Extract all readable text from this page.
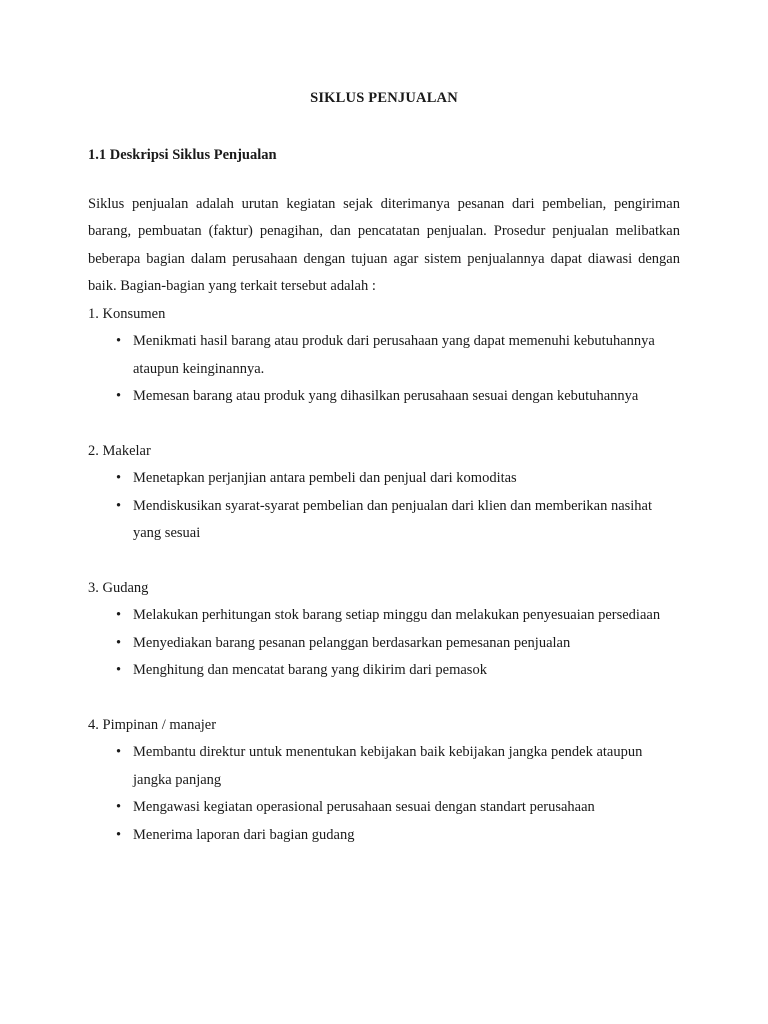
SIKLUS PENJUALAN
1.1 Deskripsi Siklus Penjualan

Siklus penjualan adalah urutan kegiatan sejak diterimanya pesanan dari pembelian, pengiriman barang, pembuatan (faktur) penagihan, dan pencatatan penjualan. Prosedur penjualan melibatkan beberapa bagian dalam perusahaan dengan tujuan agar sistem penjualannya dapat diawasi dengan baik. Bagian-bagian yang terkait tersebut adalah :

1. Konsumen
• Menikmati hasil barang atau produk dari perusahaan yang dapat memenuhi kebutuhannya ataupun keinginannya.
• Memesan barang atau produk yang dihasilkan perusahaan sesuai dengan kebutuhannya
2. Makelar
• Menetapkan perjanjian antara pembeli dan penjual dari komoditas
• Mendiskusikan syarat-syarat pembelian dan penjualan dari klien dan memberikan nasihat yang sesuai
3. Gudang
• Melakukan perhitungan stok barang setiap minggu dan melakukan penyesuaian persediaan
• Menyediakan barang pesanan pelanggan berdasarkan pemesanan penjualan
• Menghitung dan mencatat barang yang dikirim dari pemasok
4. Pimpinan / manajer
• Membantu direktur untuk menentukan kebijakan baik kebijakan jangka pendek ataupun jangka panjang
• Mengawasi kegiatan operasional perusahaan sesuai dengan standart perusahaan
• Menerima laporan dari bagian gudang
